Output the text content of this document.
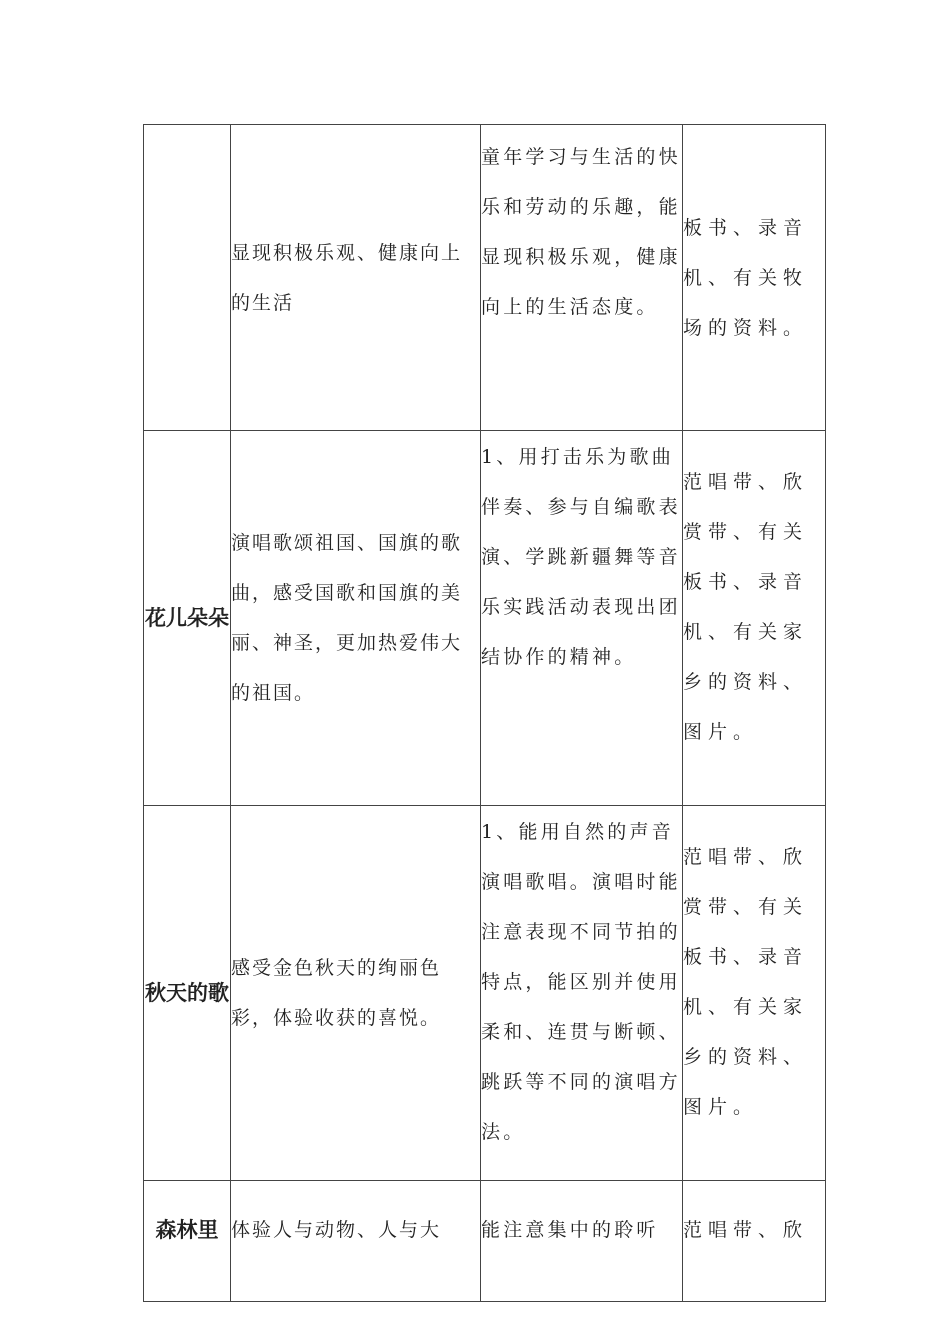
	显现积极乐观、健康向上的生活	童年学习与生活的快乐和劳动的乐趣，能显现积极乐观，健康向上的生活态度。	板书、录音机、有关牧场的资料。

花儿朵朵	演唱歌颂祖国、国旗的歌曲，感受国歌和国旗的美丽、神圣，更加热爱伟大的祖国。	1、用打击乐为歌曲伴奏、参与自编歌表演、学跳新疆舞等音乐实践活动表现出团结协作的精神。	范唱带、欣赏带、有关板书、录音机、有关家乡的资料、图片。

秋天的歌	感受金色秋天的绚丽色彩，体验收获的喜悦。	1、能用自然的声音演唱歌唱。演唱时能注意表现不同节拍的特点，能区别并使用柔和、连贯与断顿、跳跃等不同的演唱方法。	范唱带、欣赏带、有关板书、录音机、有关家乡的资料、图片。

森林里	体验人与动物、人与大	能注意集中的聆听	范唱带、欣
